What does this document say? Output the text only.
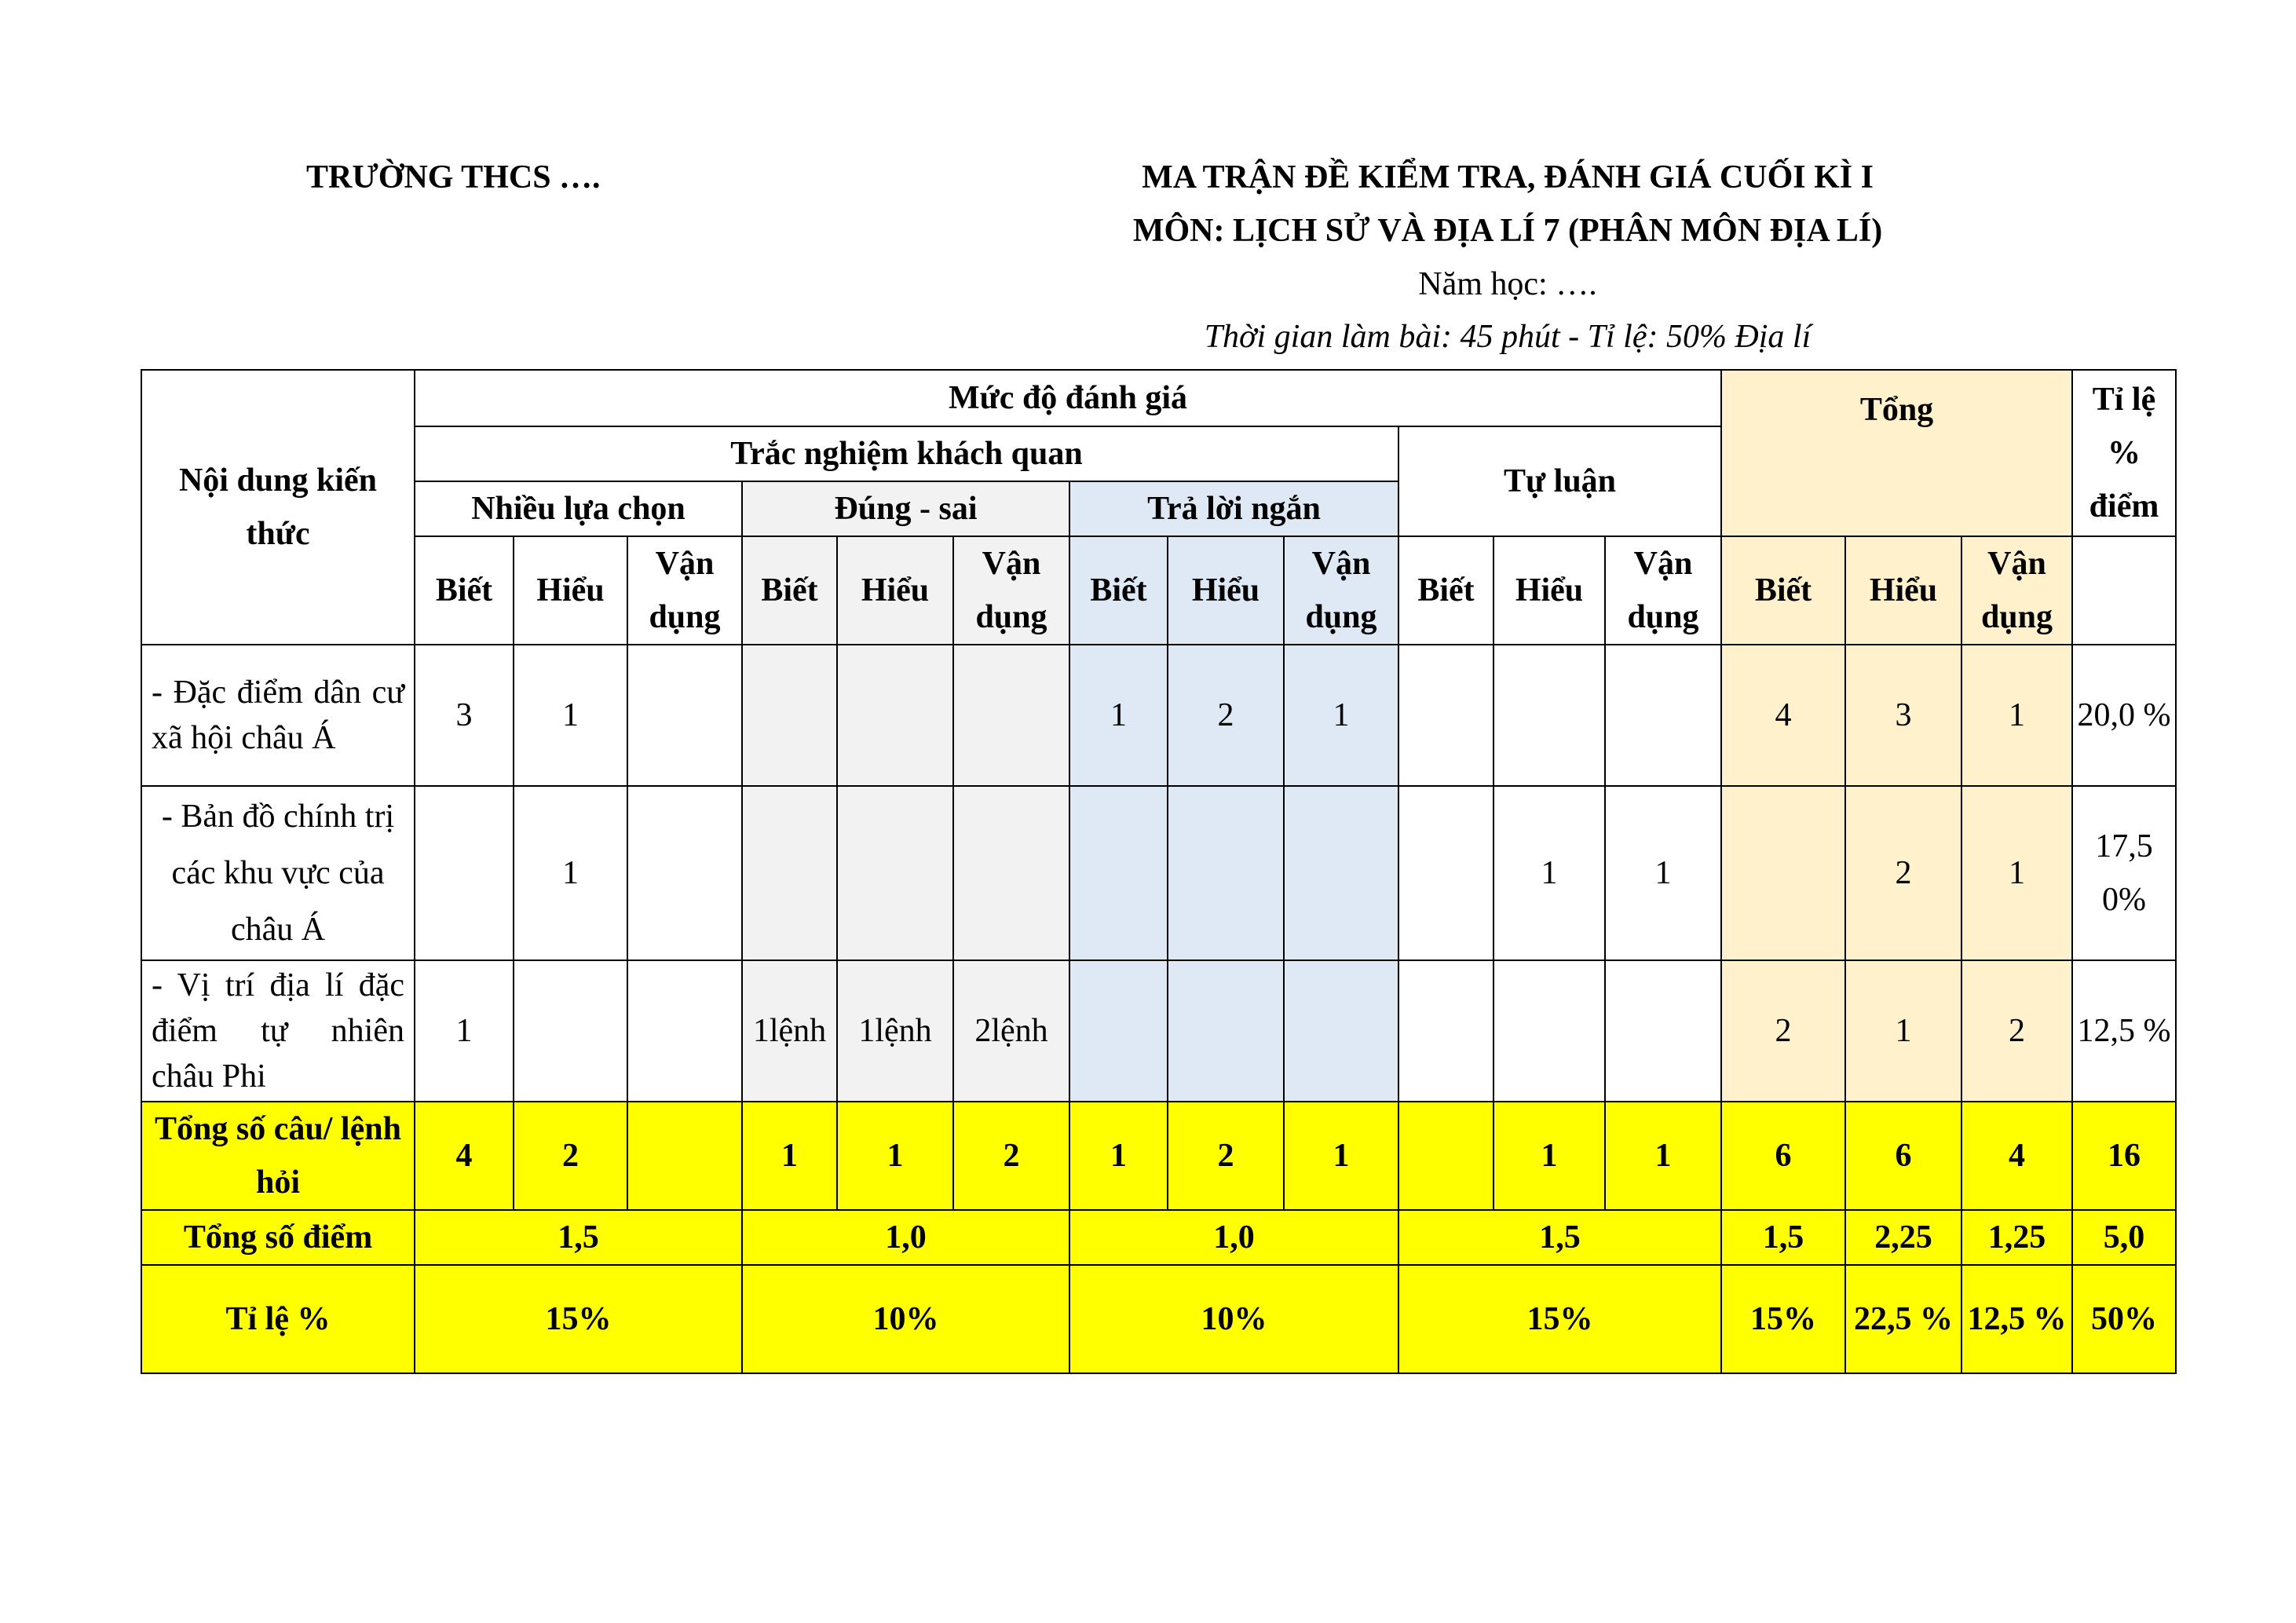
TRƯỜNG THCS ….	MA TRẬN ĐỀ KIỂM TRA, ĐÁNH GIÁ CUỐI KÌ I
MÔN: LỊCH SỬ VÀ ĐỊA LÍ 7 (PHÂN MÔN ĐỊA LÍ)
Năm học: ….
Thời gian làm bài: 45 phút - Tỉ lệ: 50% Địa lí
Nội dung kiến thức	Mức độ đánh giá												Tổng			Tỉ lệ % điểm
	Trắc nghiệm khách quan									Tự luận						
	Nhiều lựa chọn			Đúng - sai			Trả lời ngắn									
	Biết	Hiểu	Vận dụng	Biết	Hiểu	Vận dụng	Biết	Hiểu	Vận dụng	Biết	Hiểu	Vận dụng	Biết	Hiểu	Vận dụng	
- Đặc điểm dân cư xã hội châu Á	3	1					1	2	1				4	3	1	20,0 %
- Bản đồ chính trị các khu vực của châu Á		1									1	1		2	1	17,5 0%
- Vị trí địa lí đặc điểm tự nhiên châu Phi	1			1lệnh	1lệnh	2lệnh							2	1	2	12,5 %
Tổng số câu/ lệnh hỏi	4	2		1	1	2	1	2	1		1	1	6	6	4	16
Tổng số điểm	1,5			1,0			1,0			1,5			1,5	2,25	1,25	5,0
Tỉ lệ %	15%			10%			10%			15%			15%	22,5 %	12,5 %	50%
